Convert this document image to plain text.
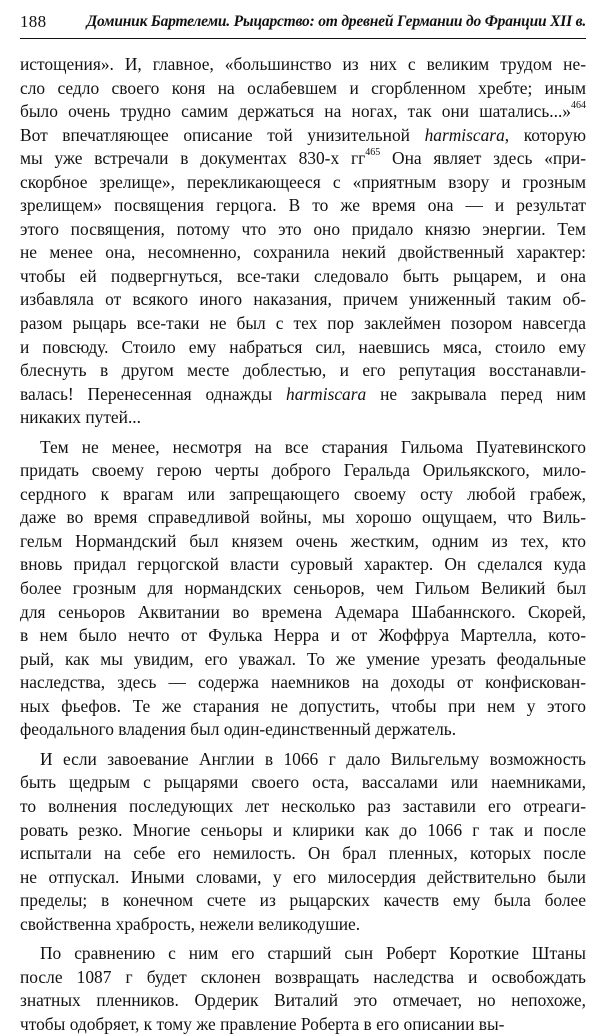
188	Доминик Бартелеми. Рыцарство: от древней Германии до Франции XII в.
истощения». И, главное, «большинство из них с великим трудом не-
сло седло своего коня на ослабевшем и сгорбленном хребте; иным
было очень трудно самим держаться на ногах, так они шатались...»$^{464}$
Вот впечатляющее описание той унизительной harmiscara, которую
мы уже встречали в документах 830-х $гг^{465}$ Она являет здесь «при-
скорбное зрелище», перекликающееся с «приятным взору и грозным
зрелищем» посвящения герцога. В то же время она — и результат
этого посвящения, потому что это оно придало князю энергии. Тем
не менее она, несомненно, сохранила некий двойственный характер:
чтобы ей подвергнуться, все-таки следовало быть рыцарем, и она
избавляла от всякого иного наказания, причем униженный таким об-
разом рыцарь все-таки не был с тех пор заклеймен позором навсегда
и повсюду. Стоило ему набраться сил, наевшись мяса, стоило ему
блеснуть в другом месте доблестью, и его репутация восстанавли-
валась! Перенесенная однажды harmiscara не закрывала перед ним
никаких путей...
Тем не менее, несмотря на все старания Гильома Пуатевинского
придать своему герою черты доброго Геральда Орильякского, мило-
сердного к врагам или запрещающего своему осту любой грабеж,
даже во время справедливой войны, мы хорошо ощущаем, что Виль-
гельм Нормандский был князем очень жестким, одним из тех, кто
вновь придал герцогской власти суровый характер. Он сделался куда
более грозным для нормандских сеньоров, чем Гильом Великий был
для сеньоров Аквитании во времена Адемара Шабаннского. Скорей,
в нем было нечто от Фулька Нерра и от Жоффруа Мартелла, кото-
рый, как мы увидим, его уважал. То же умение урезать феодальные
наследства, здесь — содержа наемников на доходы от конфискован-
ных фьефов. Те же старания не допустить, чтобы при нем у этого
феодального владения был один-единственный держатель.
И если завоевание Англии в 1066 г дало Вильгельму возможность
быть щедрым с рыцарями своего оста, вассалами или наемниками,
то волнения последующих лет несколько раз заставили его отреаги-
ровать резко. Многие сеньоры и клирики как до 1066 г так и после
испытали на себе его немилость. Он брал пленных, которых после
не отпускал. Иными словами, у его милосердия действительно были
пределы; в конечном счете из рыцарских качеств ему была более
свойственна храбрость, нежели великодушие.
По сравнению с ним его старший сын Роберт Короткие Штаны
после 1087 г будет склонен возвращать наследства и освобождать
знатных пленников. Ордерик Виталий это отмечает, но непохоже,
чтобы одобряет, к тому же правление Роберта в его описании вы-
